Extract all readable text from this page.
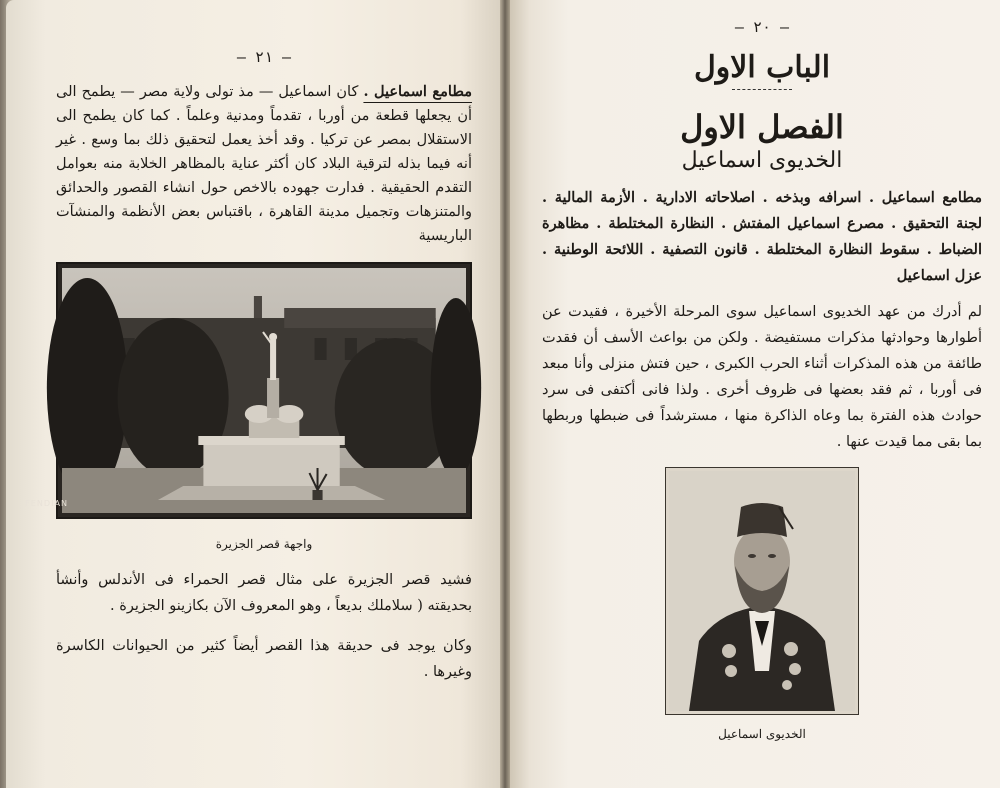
— ٢١ —

مطامع اسماعيل . كان اسماعيل — مذ تولى ولاية مصر — يطمح الى أن يجعلها قطعة من أوربا ، تقدماً ومدنية وعلماً . كما كان يطمح الى الاستقلال بمصر عن تركيا . وقد أخذ يعمل لتحقيق ذلك بما وسع . غير أنه فيما بذله لترقية البلاد كان أكثر عناية بالمظاهر الخلابة منه بعوامل التقدم الحقيقية . فدارت جهوده بالاخص حول انشاء القصور والحدائق والمتنزهات وتجميل مدينة القاهرة ، باقتباس بعض الأنظمة والمنشآت الباريسية

FENDIAN
واجهة قصر الجزيرة

فشيد قصر الجزيرة على مثال قصر الحمراء فى الأندلس وأنشأ بحديقته ( سلاملك بديعاً ، وهو المعروف الآن بكازينو الجزيرة .

وكان يوجد فى حديقة هذا القصر أيضاً كثير من الحيوانات الكاسرة وغيرها .

— ٢٠ —
الباب الاول
الفصل الاول
الخديوى اسماعيل

مطامع اسماعيل . اسرافه وبذخه . اصلاحاته الادارية . الأزمة المالية . لجنة التحقيق . مصرع اسماعيل المفتش . النظارة المختلطة . مظاهرة الضباط . سقوط النظارة المختلطة . قانون التصفية . اللائحة الوطنية . عزل اسماعيل

لم أدرك من عهد الخديوى اسماعيل سوى المرحلة الأخيرة ، فقيدت عن أطوارها وحوادثها مذكرات مستفيضة . ولكن من بواعث الأسف أن فقدت طائفة من هذه المذكرات أثناء الحرب الكبرى ، حين فتش منزلى وأنا مبعد فى أوربا ، ثم فقد بعضها فى ظروف أخرى . ولذا فانى أكتفى فى سرد حوادث هذه الفترة بما وعاه الذاكرة منها ، مسترشداً فى ضبطها وربطها بما بقى مما قيدت عنها .

الخديوى اسماعيل
